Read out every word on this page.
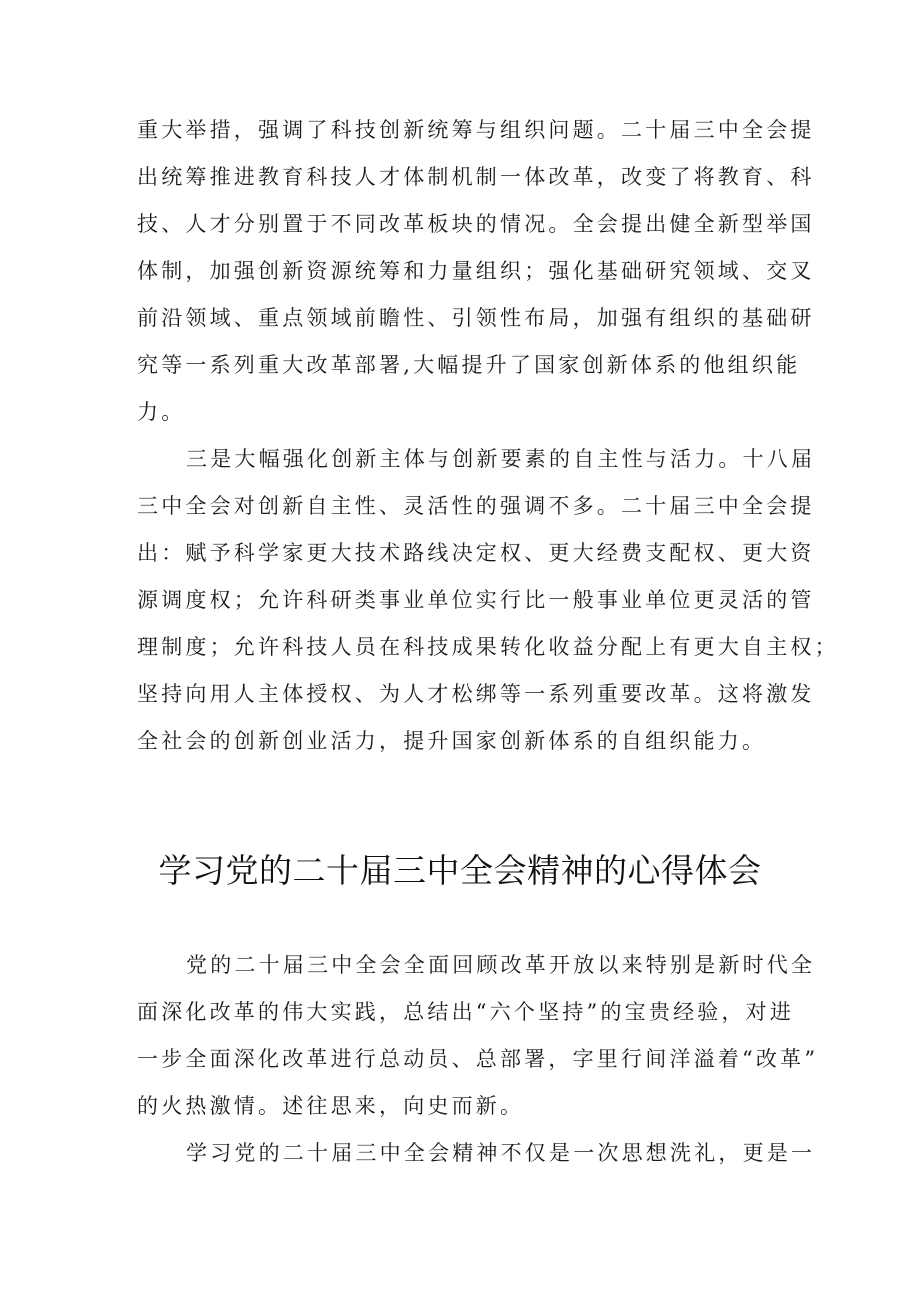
重大举措，强调了科技创新统筹与组织问题。二十届三中全会提
出统筹推进教育科技人才体制机制一体改革，改变了将教育、科
技、人才分别置于不同改革板块的情况。全会提出健全新型举国
体制，加强创新资源统筹和力量组织；强化基础研究领域、交叉
前沿领域、重点领域前瞻性、引领性布局，加强有组织的基础研
究等一系列重大改革部署,大幅提升了国家创新体系的他组织能
力。
三是大幅强化创新主体与创新要素的自主性与活力。十八届
三中全会对创新自主性、灵活性的强调不多。二十届三中全会提
出：赋予科学家更大技术路线决定权、更大经费支配权、更大资
源调度权；允许科研类事业单位实行比一般事业单位更灵活的管
理制度；允许科技人员在科技成果转化收益分配上有更大自主权；
坚持向用人主体授权、为人才松绑等一系列重要改革。这将激发
全社会的创新创业活力，提升国家创新体系的自组织能力。
学习党的二十届三中全会精神的心得体会
党的二十届三中全会全面回顾改革开放以来特别是新时代全
面深化改革的伟大实践，总结出“六个坚持”的宝贵经验，对进
一步全面深化改革进行总动员、总部署，字里行间洋溢着“改革”
的火热激情。述往思来，向史而新。
学习党的二十届三中全会精神不仅是一次思想洗礼，更是一
